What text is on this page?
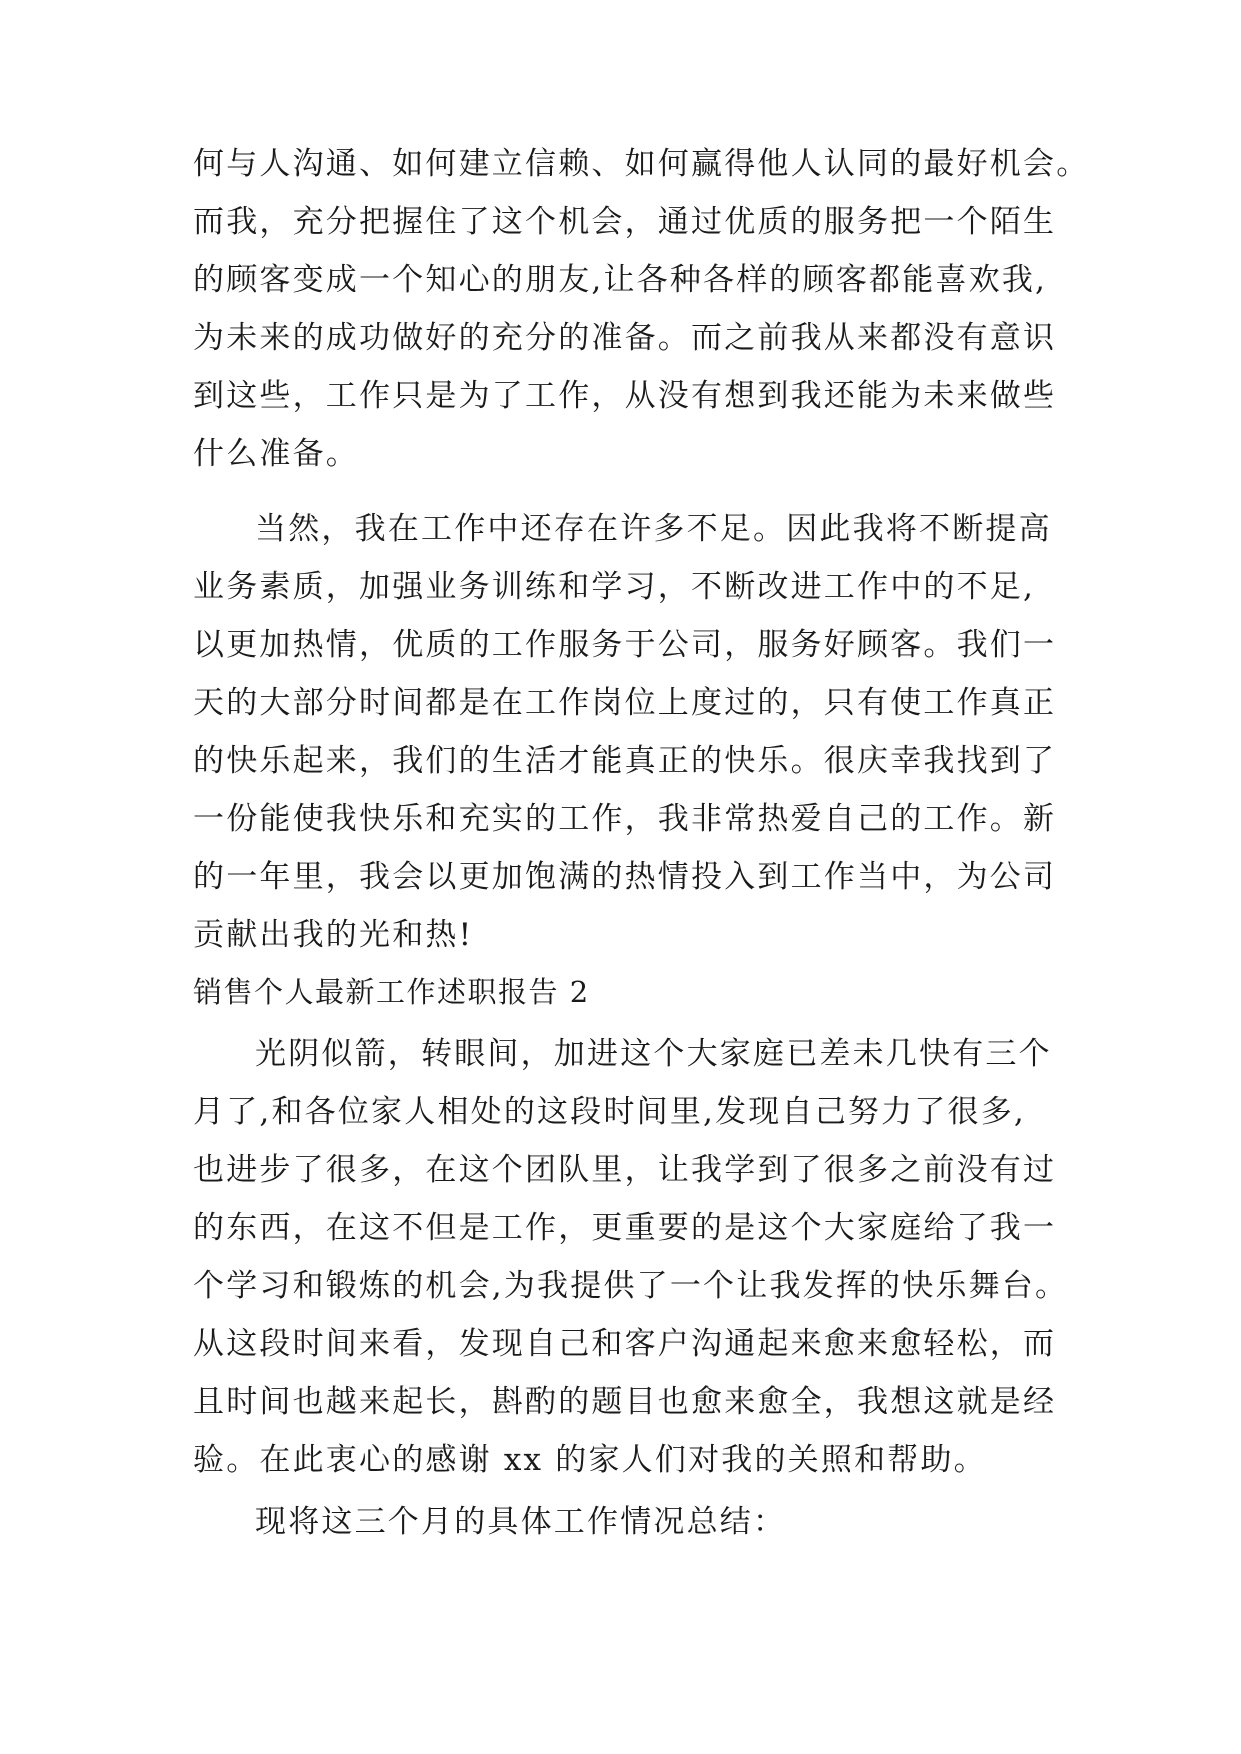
何与人沟通、如何建立信赖、如何赢得他人认同的最好机会。
而我，充分把握住了这个机会，通过优质的服务把一个陌生
的顾客变成一个知心的朋友,让各种各样的顾客都能喜欢我,
为未来的成功做好的充分的准备。而之前我从来都没有意识
到这些，工作只是为了工作，从没有想到我还能为未来做些
什么准备。
当然，我在工作中还存在许多不足。因此我将不断提高
业务素质，加强业务训练和学习，不断改进工作中的不足,
以更加热情，优质的工作服务于公司，服务好顾客。我们一
天的大部分时间都是在工作岗位上度过的，只有使工作真正
的快乐起来，我们的生活才能真正的快乐。很庆幸我找到了
一份能使我快乐和充实的工作，我非常热爱自己的工作。新
的一年里，我会以更加饱满的热情投入到工作当中，为公司
贡献出我的光和热!
销售个人最新工作述职报告 2
光阴似箭，转眼间，加进这个大家庭已差未几快有三个
月了,和各位家人相处的这段时间里,发现自己努力了很多,
也进步了很多，在这个团队里，让我学到了很多之前没有过
的东西，在这不但是工作，更重要的是这个大家庭给了我一
个学习和锻炼的机会,为我提供了一个让我发挥的快乐舞台。
从这段时间来看，发现自己和客户沟通起来愈来愈轻松，而
且时间也越来起长，斟酌的题目也愈来愈全，我想这就是经
验。在此衷心的感谢 xx 的家人们对我的关照和帮助。
现将这三个月的具体工作情况总结：
